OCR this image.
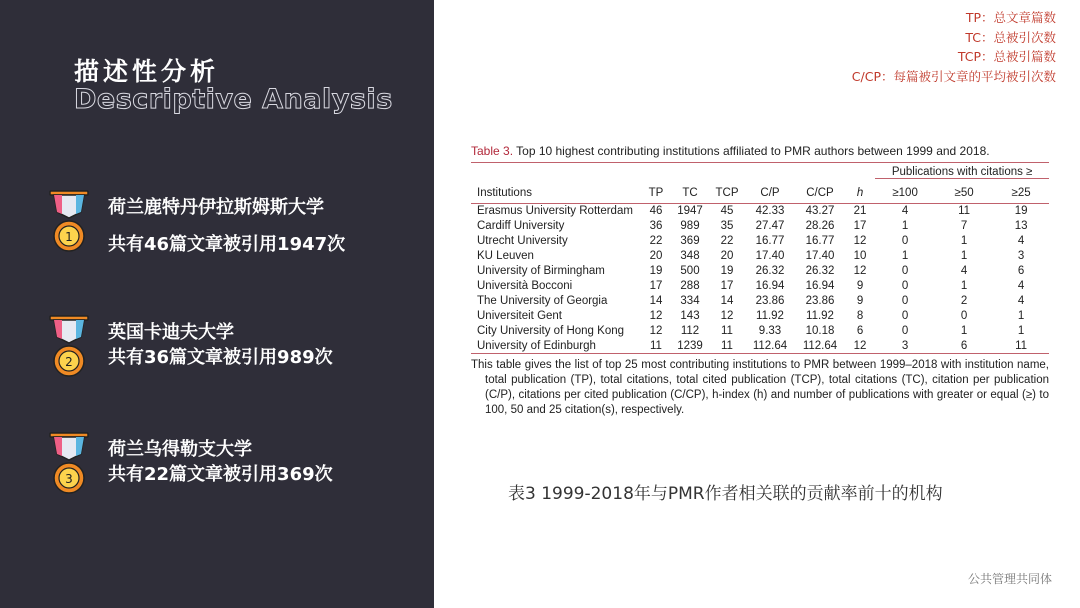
描述性分析
Descriptive Analysis
1
荷兰鹿特丹伊拉斯姆斯大学
共有46篇文章被引用1947次
2
英国卡迪夫大学
共有36篇文章被引用989次
3
荷兰乌得勒支大学
共有22篇文章被引用369次
TP：总文章篇数
TC：总被引次数
TCP：总被引篇数
C/CP：每篇被引文章的平均被引次数
Table 3. Top 10 highest contributing institutions affiliated to PMR authors between 1999 and 2018.

							Publications with citations ≥		

Institutions	TP	TC	TCP	C/P	C/CP	h	≥100	≥50	≥25
Erasmus University Rotterdam	46	1947	45	42.33	43.27	21	4	11	19
Cardiff University	36	989	35	27.47	28.26	17	1	7	13
Utrecht University	22	369	22	16.77	16.77	12	0	1	4
KU Leuven	20	348	20	17.40	17.40	10	1	1	3
University of Birmingham	19	500	19	26.32	26.32	12	0	4	6
Università Bocconi	17	288	17	16.94	16.94	9	0	1	4
The University of Georgia	14	334	14	23.86	23.86	9	0	2	4
Universiteit Gent	12	143	12	11.92	11.92	8	0	0	1
City University of Hong Kong	12	112	11	9.33	10.18	6	0	1	1
University of Edinburgh	11	1239	11	112.64	112.64	12	3	6	11
This table gives the list of top 25 most contributing institutions to PMR between 1999–2018 with institution name, total publication (TP), total citations, total cited publication (TCP), total citations (TC), citation per publication (C/P), citations per cited publication (C/CP), h-index (h) and number of publications with greater or equal (≥) to 100, 50 and 25 citation(s), respectively.
表3 1999-2018年与PMR作者相关联的贡献率前十的机构
公共管理共同体
